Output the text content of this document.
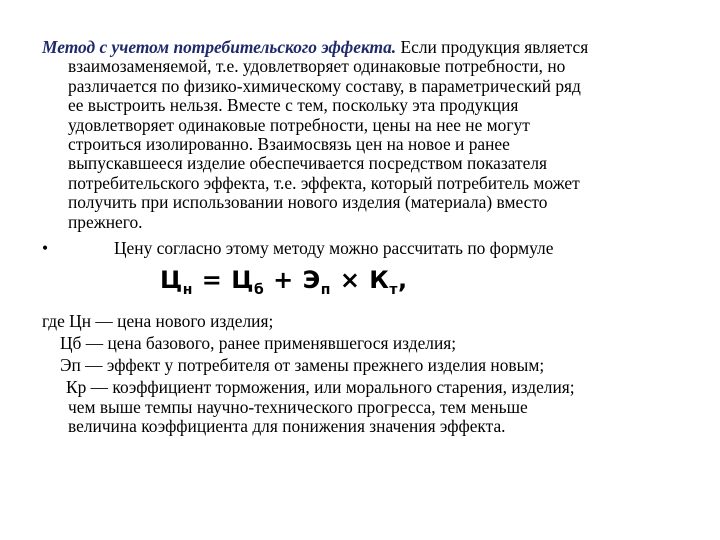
Метод с учетом потребительского эффекта. Если продукция является
взаимозаменяемой, т.е. удовлетворяет одинаковые потребности, но
различается по физико-химическому составу, в параметрический ряд
ее выстроить нельзя. Вместе с тем, поскольку эта продукция
удовлетворяет одинаковые потребности, цены на нее не могут
строиться изолированно. Взаимосвязь цен на новое и ранее
выпускавшееся изделие обеспечивается посредством показателя
потребительского эффекта, т.е. эффекта, который потребитель может
получить при использовании нового изделия (материала) вместо
прежнего.
•	Цену согласно этому методу можно рассчитать по формуле
$Ц_н = Ц_б + Э_п \times К_т$,
где Цн — цена нового изделия;
Цб — цена базового, ранее применявшегося изделия;
Эп — эффект у потребителя от замены прежнего изделия новым;
Кр — коэффициент торможения, или морального старения, изделия;
чем выше темпы научно-технического прогресса, тем меньше
величина коэффициента для понижения значения эффекта.
